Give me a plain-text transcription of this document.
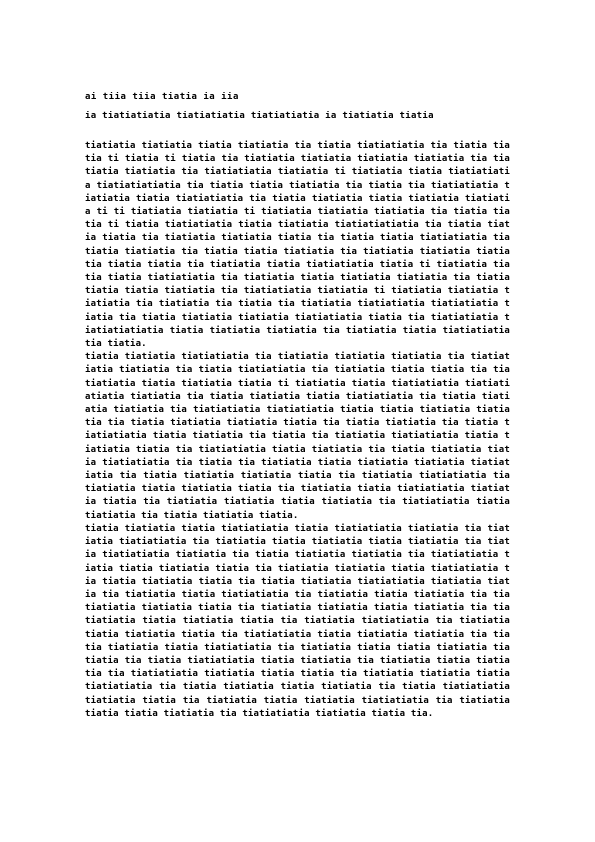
ai tiia tiia tiatia ia iia

ia tiatiatiatia tiatiatiatia tiatiatiatia ia tiatiatia tiatia

tiatiatia tiatiatia tiatia tiatiatia tia tiatia tiatiatiatia tia tiatia tiatia ti tiatia ti tiatia tia tiatiatia tiatiatia tiatiatia tiatiatia tia tia tiatia tiatiatia tia tiatiatiatia tiatiatia ti tiatiatia tiatia tiatiatiatia tiatiatiatiatia tia tiatia tiatia tiatiatia tia tiatia tia tiatiatiatia tiatiatia tiatia tiatiatiatia tia tiatia tiatiatia tiatia tiatiatia tiatiatia ti ti tiatiatia tiatiatia ti tiatiatia tiatiatia tiatiatia tia tiatia tiatia ti tiatia tiatiatiatia tiatia tiatiatia tiatiatiatiatia tia tiatia tiatia tiatia tia tiatiatia tiatiatia tiatia tia tiatia tiatia tiatiatiatia tiatiatia tiatiatia tia tiatia tiatia tiatiatia tia tiatiatia tiatiatia tiatia tia tiatia tiatia tia tiatiatia tiatia tiatiatiatia tiatia ti tiatiatia tiatia tiatia tiatiatiatia tia tiatiatia tiatia tiatiatia tiatiatia tia tiatiatiatia tiatia tiatiatia tia tiatiatiatia tiatiatia ti tiatiatia tiatiatia tiatiatia tia tiatiatia tia tiatia tia tiatiatia tiatiatiatia tiatiatiatia tiatia tia tiatia tiatiatia tiatiatia tiatiatiatia tiatia tia tiatiatiatia tiatiatiatiatia tiatia tiatiatia tiatiatia tia tiatiatia tiatia tiatiatiatia tia tiatia.

tiatia tiatiatia tiatiatiatia tia tiatiatia tiatiatia tiatiatia tia tiatiatiatia tiatiatia tia tiatia tiatiatiatia tia tiatiatia tiatia tiatia tia tiatiatiatia tiatia tiatiatia tiatia ti tiatiatia tiatia tiatiatiatia tiatiatiatiatia tiatiatia tia tiatia tiatiatia tiatia tiatiatiatia tia tiatia tiatiatia tiatiatia tia tiatiatiatia tiatiatiatia tiatia tiatia tiatiatia tiatiatia tia tiatia tiatiatia tiatiatia tiatia tia tiatia tiatiatia tia tiatia tiatiatiatia tiatia tiatiatia tia tiatia tia tiatiatia tiatiatiatia tiatia tiatiatia tiatia tia tiatiatiatia tiatia tiatiatia tia tiatia tiatiatia tiatia tiatiatiatia tia tiatia tia tiatiatia tiatia tiatiatia tiatiatia tiatiatiatia tia tiatia tiatiatia tiatiatia tiatia tia tiatiatia tiatiatiatia tia tiatiatia tiatia tiatiatia tiatia tia tiatiatia tiatia tiatiatiatia tiatiatia tiatia tia tiatiatia tiatiatia tiatia tiatiatia tia tiatiatiatia tiatia tiatiatia tia tiatia tiatiatia tiatia.

tiatia tiatiatia tiatia tiatiatiatia tiatia tiatiatiatia tiatiatia tia tiatiatia tiatiatiatia tia tiatiatia tiatia tiatiatia tiatia tiatiatia tia tiatia tiatiatiatia tiatiatia tia tiatia tiatiatia tiatiatia tia tiatiatiatia tiatia tiatia tiatiatia tiatia tia tiatiatia tiatiatia tiatia tiatiatiatia tia tiatia tiatiatia tiatia tia tiatia tiatiatia tiatiatiatia tiatiatia tiatia tia tiatiatia tiatia tiatiatiatia tia tiatiatia tiatia tiatiatia tia tiatiatiatia tiatiatia tiatia tia tiatiatia tiatiatia tiatia tiatiatia tia tiatiatiatia tiatia tiatiatia tiatia tia tiatiatia tiatiatiatia tia tiatiatia tiatia tiatiatia tiatia tia tiatiatiatia tiatia tiatiatia tiatiatia tia tiatia tiatiatia tiatia tiatiatiatia tia tiatiatia tiatia tiatia tiatiatia tiatiatia tia tiatia tiatiatiatia tiatia tiatiatia tia tiatiatia tiatia tiatiatia tia tiatiatiatia tiatiatia tiatia tiatia tia tiatiatia tiatiatia tiatia tiatiatiatia tia tiatia tiatiatia tiatia tiatiatia tia tiatia tiatiatiatia tiatiatia tiatia tia tiatiatia tiatia tiatiatia tiatiatiatia tia tiatiatia tiatia tiatia tiatiatia tia tiatiatiatia tiatiatia tiatia tia.
